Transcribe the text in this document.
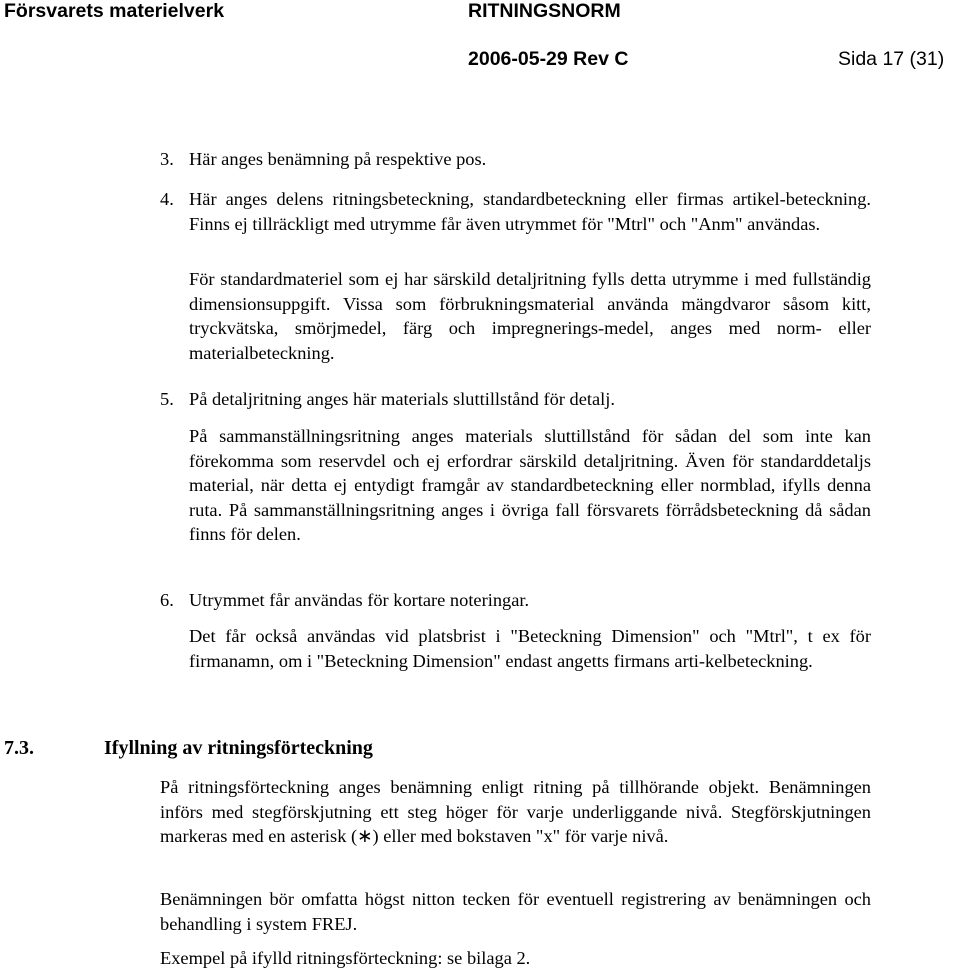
Försvarets materielverk	RITNINGSNORM
2006-05-29 Rev C	Sida 17 (31)
3. Här anges benämning på respektive pos.
4. Här anges delens ritningsbeteckning, standardbeteckning eller firmas artikel-beteckning. Finns ej tillräckligt med utrymme får även utrymmet för "Mtrl" och "Anm" användas.
För standardmateriel som ej har särskild detaljritning fylls detta utrymme i med fullständig dimensionsuppgift. Vissa som förbrukningsmaterial använda mängdvaror såsom kitt, tryckvätska, smörjmedel, färg och impregnerings-medel, anges med norm- eller materialbeteckning.
5. På detaljritning anges här materials sluttillstånd för detalj.
På sammanställningsritning anges materials sluttillstånd för sådan del som inte kan förekomma som reservdel och ej erfordrar särskild detaljritning. Även för standarddetaljs material, när detta ej entydigt framgår av standardbeteckning eller normblad, ifylls denna ruta. På sammanställningsritning anges i övriga fall försvarets förrådsbeteckning då sådan finns för delen.
6. Utrymmet får användas för kortare noteringar.
Det får också användas vid platsbrist i "Beteckning Dimension" och "Mtrl", t ex för firmanamn, om i "Beteckning Dimension" endast angetts firmans arti-kelbeteckning.
7.3.	Ifyllning av ritningsförteckning
På ritningsförteckning anges benämning enligt ritning på tillhörande objekt. Benämningen införs med stegförskjutning ett steg höger för varje underliggande nivå. Stegförskjutningen markeras med en asterisk (∗) eller med bokstaven "x" för varje nivå.
Benämningen bör omfatta högst nitton tecken för eventuell registrering av benämningen och behandling i system FREJ.
Exempel på ifylld ritningsförteckning: se bilaga 2.
